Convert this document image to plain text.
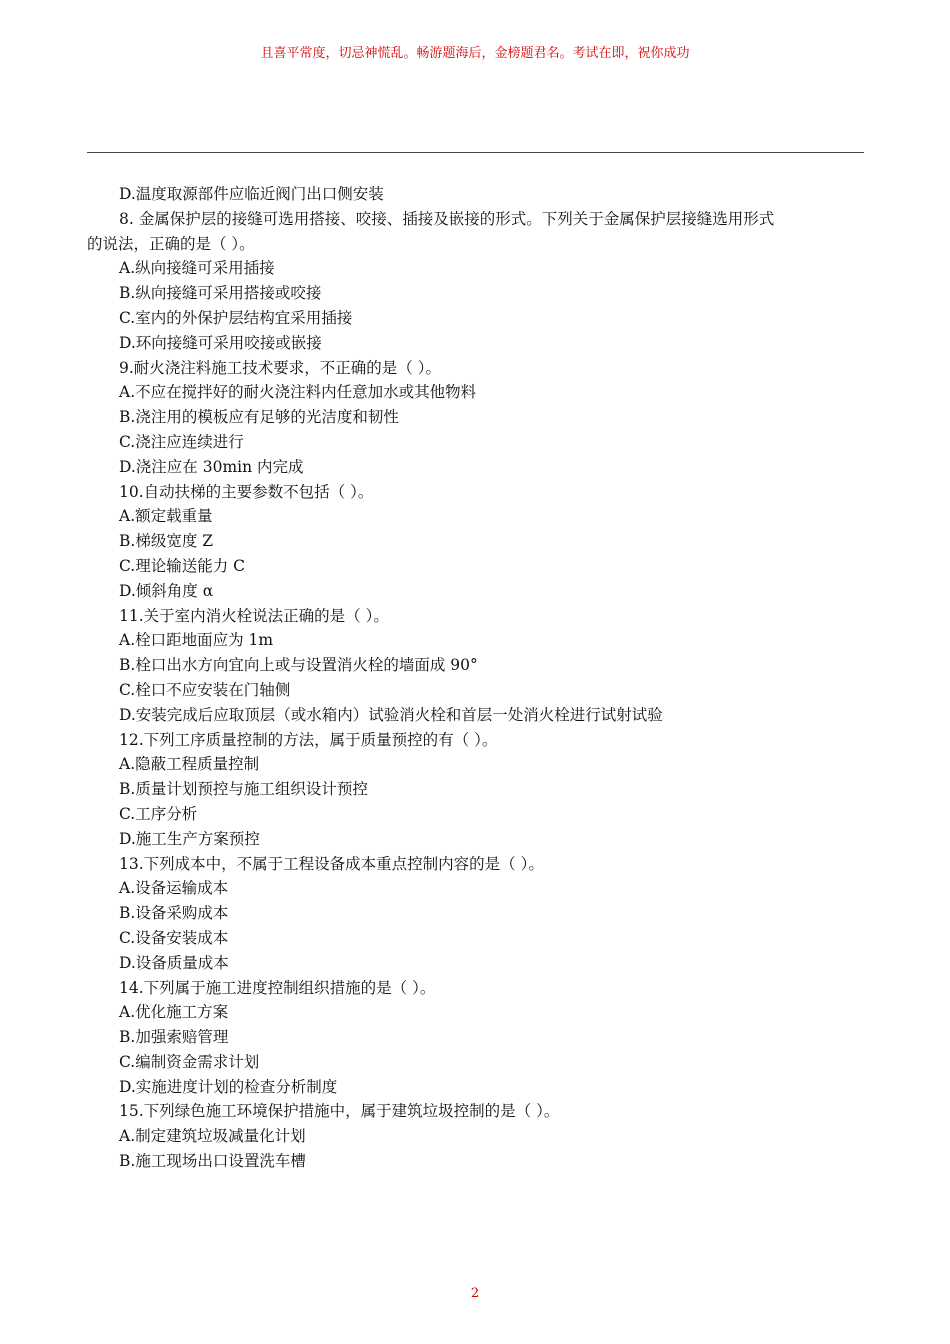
且喜平常度，切忌神慌乱。畅游题海后，金榜题君名。考试在即，祝你成功
D.温度取源部件应临近阀门出口侧安装
8. 金属保护层的接缝可选用搭接、咬接、插接及嵌接的形式。下列关于金属保护层接缝选用形式
的说法，正确的是（ ）。
A.纵向接缝可采用插接
B.纵向接缝可采用搭接或咬接
C.室内的外保护层结构宜采用插接
D.环向接缝可采用咬接或嵌接
9.耐火浇注料施工技术要求，不正确的是（ ）。
A.不应在搅拌好的耐火浇注料内任意加水或其他物料
B.浇注用的模板应有足够的光洁度和韧性
C.浇注应连续进行
D.浇注应在 30min 内完成
10.自动扶梯的主要参数不包括（ ）。
A.额定载重量
B.梯级宽度 Z
C.理论输送能力 C
D.倾斜角度 α
11.关于室内消火栓说法正确的是（ ）。
A.栓口距地面应为 1m
B.栓口出水方向宜向上或与设置消火栓的墙面成 90°
C.栓口不应安装在门轴侧
D.安装完成后应取顶层（或水箱内）试验消火栓和首层一处消火栓进行试射试验
12.下列工序质量控制的方法，属于质量预控的有（ ）。
A.隐蔽工程质量控制
B.质量计划预控与施工组织设计预控
C.工序分析
D.施工生产方案预控
13.下列成本中，不属于工程设备成本重点控制内容的是（ ）。
A.设备运输成本
B.设备采购成本
C.设备安装成本
D.设备质量成本
14.下列属于施工进度控制组织措施的是（ ）。
A.优化施工方案
B.加强索赔管理
C.编制资金需求计划
D.实施进度计划的检查分析制度
15.下列绿色施工环境保护措施中，属于建筑垃圾控制的是（ ）。
A.制定建筑垃圾减量化计划
B.施工现场出口设置洗车槽
2
